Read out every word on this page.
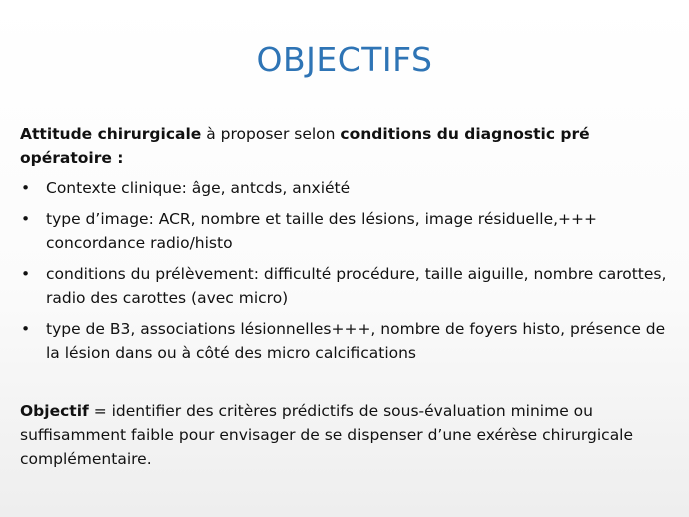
OBJECTIFS

Attitude chirurgicale à proposer selon conditions du diagnostic pré opératoire :

• Contexte clinique: âge, antcds, anxiété
• type d’image: ACR, nombre et taille des lésions, image résiduelle,+++ concordance radio/histo
• conditions du prélèvement: difficulté procédure, taille aiguille, nombre carottes, radio des carottes (avec micro)
• type de B3, associations lésionnelles+++, nombre de foyers histo, présence de la lésion dans ou à côté des micro calcifications

Objectif = identifier des critères prédictifs de sous-évaluation minime ou suffisamment faible pour envisager de se dispenser d’une exérèse chirurgicale complémentaire.
